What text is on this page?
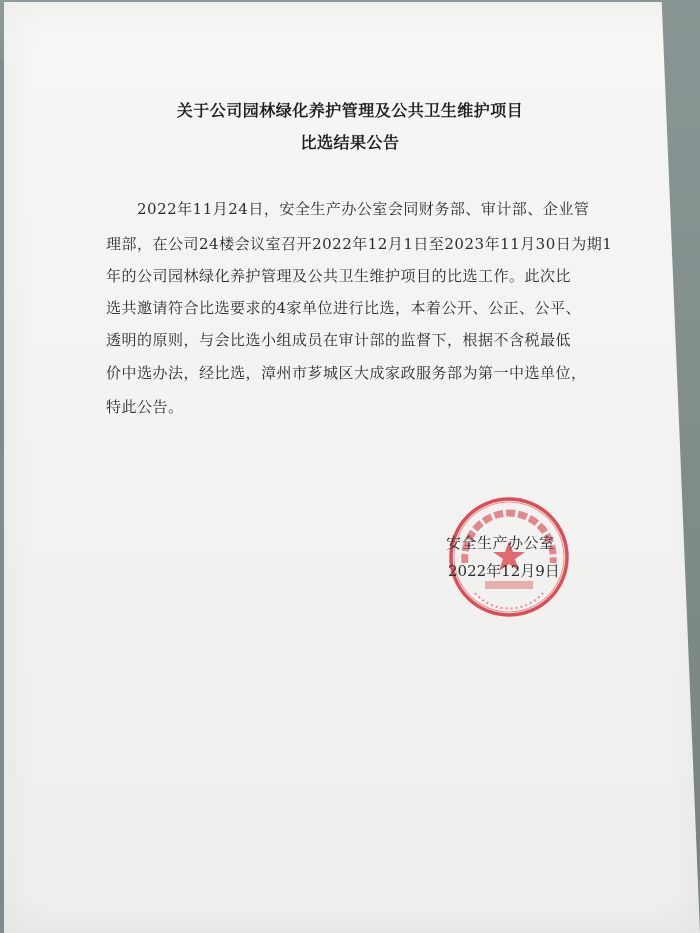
关于公司园林绿化养护管理及公共卫生维护项目
比选结果公告
2022年11月24日，安全生产办公室会同财务部、审计部、企业管
理部，在公司24楼会议室召开2022年12月1日至2023年11月30日为期1
年的公司园林绿化养护管理及公共卫生维护项目的比选工作。此次比
选共邀请符合比选要求的4家单位进行比选，本着公开、公正、公平、
透明的原则，与会比选小组成员在审计部的监督下，根据不含税最低
价中选办法，经比选，漳州市芗城区大成家政服务部为第一中选单位，
特此公告。
安全生产办公室
2022年12月9日
